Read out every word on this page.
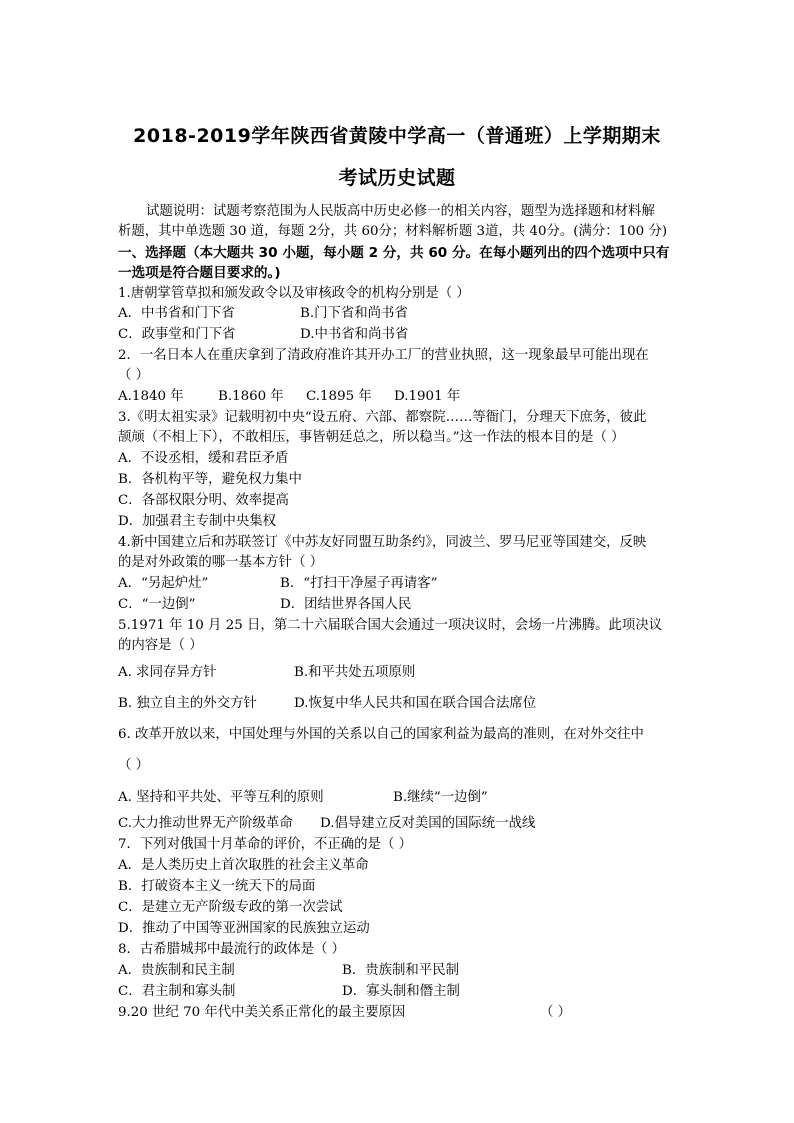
2018-2019学年陕西省黄陵中学高一（普通班）上学期期末
考试历史试题
试题说明：试题考察范围为人民版高中历史必修一的相关内容，题型为选择题和材料解
析题，其中单选题 30 道，每题 2分，共 60分；材料解析题 3道，共 40分。(满分：100 分)
一、选择题（本大题共 30 小题，每小题 2 分，共 60 分。在每小题列出的四个选项中只有
一选项是符合题目要求的。)
1.唐朝掌管草拟和颁发政令以及审核政令的机构分别是（ ）
A．中书省和门下省	B.门下省和尚书省
C．政事堂和门下省	D.中书省和尚书省
2．一名日本人在重庆拿到了清政府准许其开办工厂的营业执照，这一现象最早可能出现在
（ ）
A.1840 年	B.1860 年 C.1895 年 D.1901 年
3.《明太祖实录》记载明初中央“设五府、六部、都察院……等衙门，分理天下庶务，彼此
颉颃（不相上下），不敢相压，事皆朝廷总之，所以稳当。”这一作法的根本目的是（ ）
A．不设丞相，缓和君臣矛盾
B．各机构平等，避免权力集中
C．各部权限分明、效率提高
D．加强君主专制中央集权
4.新中国建立后和苏联签订《中苏友好同盟互助条约》，同波兰、罗马尼亚等国建交，反映
的是对外政策的哪一基本方针（ ）
A．“另起炉灶”	B．“打扫干净屋子再请客”
C．“一边倒”	D．团结世界各国人民
5.1971 年 10 月 25 日，第二十六届联合国大会通过一项决议时，会场一片沸腾。此项决议
的内容是（ ）
A. 求同存异方针	B.和平共处五项原则
B. 独立自主的外交方针	D.恢复中华人民共和国在联合国合法席位
6. 改革开放以来，中国处理与外国的关系以自己的国家利益为最高的准则，在对外交往中
（ ）
A. 坚持和平共处、平等互利的原则	B.继续“一边倒”
C.大力推动世界无产阶级革命 D.倡导建立反对美国的国际统一战线
7．下列对俄国十月革命的评价，不正确的是（ ）
A．是人类历史上首次取胜的社会主义革命
B．打破资本主义一统天下的局面
C．是建立无产阶级专政的第一次尝试
D．推动了中国等亚洲国家的民族独立运动
8．古希腊城邦中最流行的政体是（ ）
A．贵族制和民主制	B．贵族制和平民制
C．君主制和寡头制	D．寡头制和僭主制
9.20 世纪 70 年代中美关系正常化的最主要原因	（ ）
